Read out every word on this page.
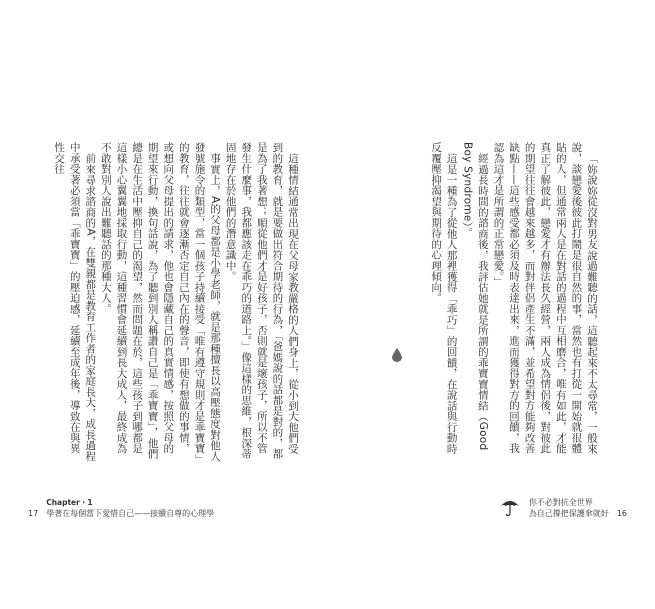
「妳說妳從沒對男友說過難聽的話，這聽起來不太尋常，一般來說，談戀愛後彼此打鬧是很自然的事，當然也有打從一開始就很體貼的人，但通常兩人是在對話的過程中互相磨合，唯有如此，才能真正了解彼此，戀愛才有辦法長久經營，兩人成為情侶後，對彼此的期望往往會越來越多，而對伴侶產生不滿，並希望對方能夠改善缺點——這些感受都必須及時表達出來，進而獲得對方的回饋，我認為這才是所謂的正常戀愛。」

經過長時間的諮商後，我評估她就是所謂的乖寶寶情結（Good Boy Syndrome）。

這是一種為了從他人那裡獲得「乖巧」的回饋，在說話與行動時反覆壓抑渴望與期待的心理傾向。

這種情結通常出現在父母家教嚴格的人們身上，從小到大他們受到的教育，就是要做出符合期待的行為，「爸媽說的話都是對的，都是為了我著想；順從他們才是好孩子，否則就是壞孩子，所以不管發生什麼事，我都應該走在乖巧的道路上。」像這樣的思維，根深蒂固地存在於他們的潛意識中。

事實上，A的父母都是小學老師，就是那種擅長以高壓態度對他人發號施令的類型，當一個孩子持續接受「唯有遵守規則才是乖寶寶」的教育，往往就會逐漸否定自己內在的聲音，即使有想做的事情，或想向父母提出的請求，他也會隱藏自己的真實情感，按照父母的期望來行動，換句話說，為了聽到別人稱讚自己是「乖寶寶」，他們總是在生活中壓抑自己的渴望，然而問題在於，這些孩子到哪都是這樣小心翼翼地採取行動，這種習慣會延續到長大成人，最終成為不敢對別人說出難聽話的那種大人。

前來尋求諮商的A，在雙親都是教育工作者的家庭長大，成長過程中承受著必須當「乖寶寶」的壓迫感，延續至成年後，導致在與異性交往

17
Chapter・1
學著在每個當下愛惜自己——接續自尊的心理學
你不必對抗全世界
為自己撐把保護傘就好 16
